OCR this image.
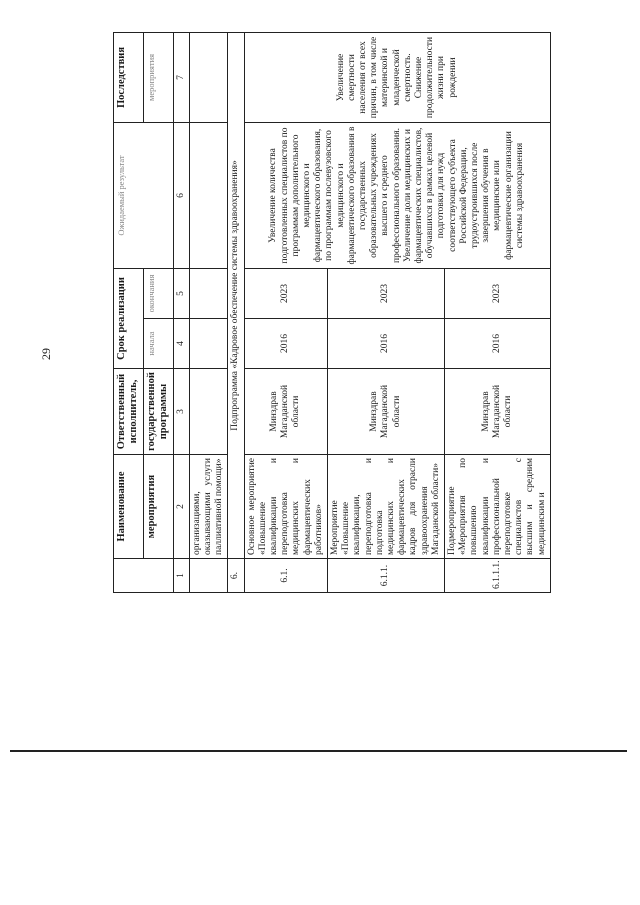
29
	Наименование	Ответственный исполнитель,	Срок реализации		Ожидаемый результат	Последствия
	мероприятия	государственной программы	начала	окончания		мероприятия
1	2	3	4	5	6	7
	организациями, оказывающими услуги паллиативной помощи»					
6.	Подпрограмма «Кадровое обеспечение системы здравоохранения»					
6.1.	Основное мероприятие «Повышение квалификации и переподготовка медицинских и фармацевтических работников»	Минздрав Магаданской области	2016	2023	Увеличение количества подготовленных специалистов по программам дополнительного медицинского и фармацевтического образования, по программам послевузовского медицинского и фармацевтического образования в государственных образовательных учреждениях высшего и среднего профессионального образования. Увеличение доли медицинских и фармацевтических специалистов, обучавшихся в рамках целевой подготовки для нужд соответствующего субъекта Российской Федерации, трудоустроившихся после завершения обучения в медицинские или фармацевтические организации системы здравоохранения	Увеличение смертности населения от всех причин, в том числе материнской и младенческой смертность. Снижение продолжительности жизни при рождении
6.1.1.	Мероприятие «Повышение квалификации, переподготовка и подготовка медицинских и фармацевтических кадров для отрасли здравоохранения Магаданской области»	Минздрав Магаданской области	2016	2023		
6.1.1.1.	Подмероприятие «Мероприятия по повышению квалификации и профессиональной переподготовке специалистов с высшим и средним медицинским и	Минздрав Магаданской области	2016	2023		
